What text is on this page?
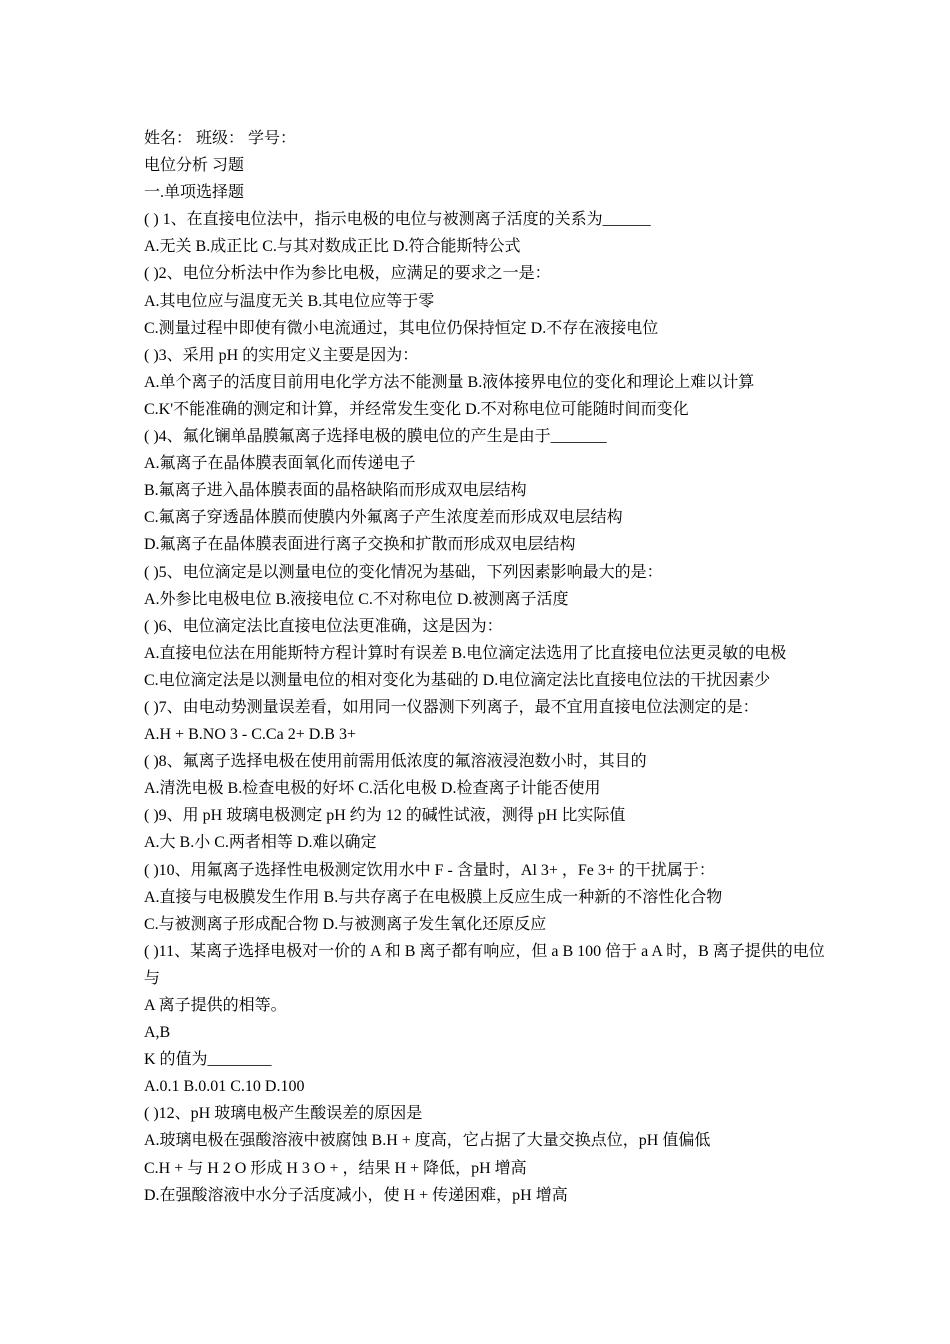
姓名： 班级： 学号：
电位分析 习题
一.单项选择题
( ) 1、在直接电位法中，指示电极的电位与被测离子活度的关系为______
A.无关 B.成正比 C.与其对数成正比 D.符合能斯特公式
( )2、电位分析法中作为参比电极，应满足的要求之一是：
A.其电位应与温度无关 B.其电位应等于零
C.测量过程中即使有微小电流通过，其电位仍保持恒定 D.不存在液接电位
( )3、采用 pH 的实用定义主要是因为：
A.单个离子的活度目前用电化学方法不能测量 B.液体接界电位的变化和理论上难以计算
C.K'不能准确的测定和计算，并经常发生变化 D.不对称电位可能随时间而变化
( )4、氟化镧单晶膜氟离子选择电极的膜电位的产生是由于_______
A.氟离子在晶体膜表面氧化而传递电子
B.氟离子进入晶体膜表面的晶格缺陷而形成双电层结构
C.氟离子穿透晶体膜而使膜内外氟离子产生浓度差而形成双电层结构
D.氟离子在晶体膜表面进行离子交换和扩散而形成双电层结构
( )5、电位滴定是以测量电位的变化情况为基础，下列因素影响最大的是：
A.外参比电极电位 B.液接电位 C.不对称电位 D.被测离子活度
( )6、电位滴定法比直接电位法更准确，这是因为：
A.直接电位法在用能斯特方程计算时有误差 B.电位滴定法选用了比直接电位法更灵敏的电极
C.电位滴定法是以测量电位的相对变化为基础的 D.电位滴定法比直接电位法的干扰因素少
( )7、由电动势测量误差看，如用同一仪器测下列离子，最不宜用直接电位法测定的是：
A.H + B.NO 3 - C.Ca 2+ D.B 3+
( )8、氟离子选择电极在使用前需用低浓度的氟溶液浸泡数小时，其目的
A.清洗电极 B.检查电极的好坏 C.活化电极 D.检查离子计能否使用
( )9、用 pH 玻璃电极测定 pH 约为 12 的碱性试液，测得 pH 比实际值
A.大 B.小 C.两者相等 D.难以确定
( )10、用氟离子选择性电极测定饮用水中 F - 含量时，Al 3+ ，Fe 3+ 的干扰属于：
A.直接与电极膜发生作用 B.与共存离子在电极膜上反应生成一种新的不溶性化合物
C.与被测离子形成配合物 D.与被测离子发生氧化还原反应
( )11、某离子选择电极对一价的 A 和 B 离子都有响应，但 a B 100 倍于 a A 时，B 离子提供的电位
与
A 离子提供的相等。
A,B
K 的值为________
A.0.1 B.0.01 C.10 D.100
( )12、pH 玻璃电极产生酸误差的原因是
A.玻璃电极在强酸溶液中被腐蚀 B.H + 度高，它占据了大量交换点位，pH 值偏低
C.H + 与 H 2 O 形成 H 3 O + ，结果 H + 降低，pH 增高
D.在强酸溶液中水分子活度减小，使 H + 传递困难，pH 增高
